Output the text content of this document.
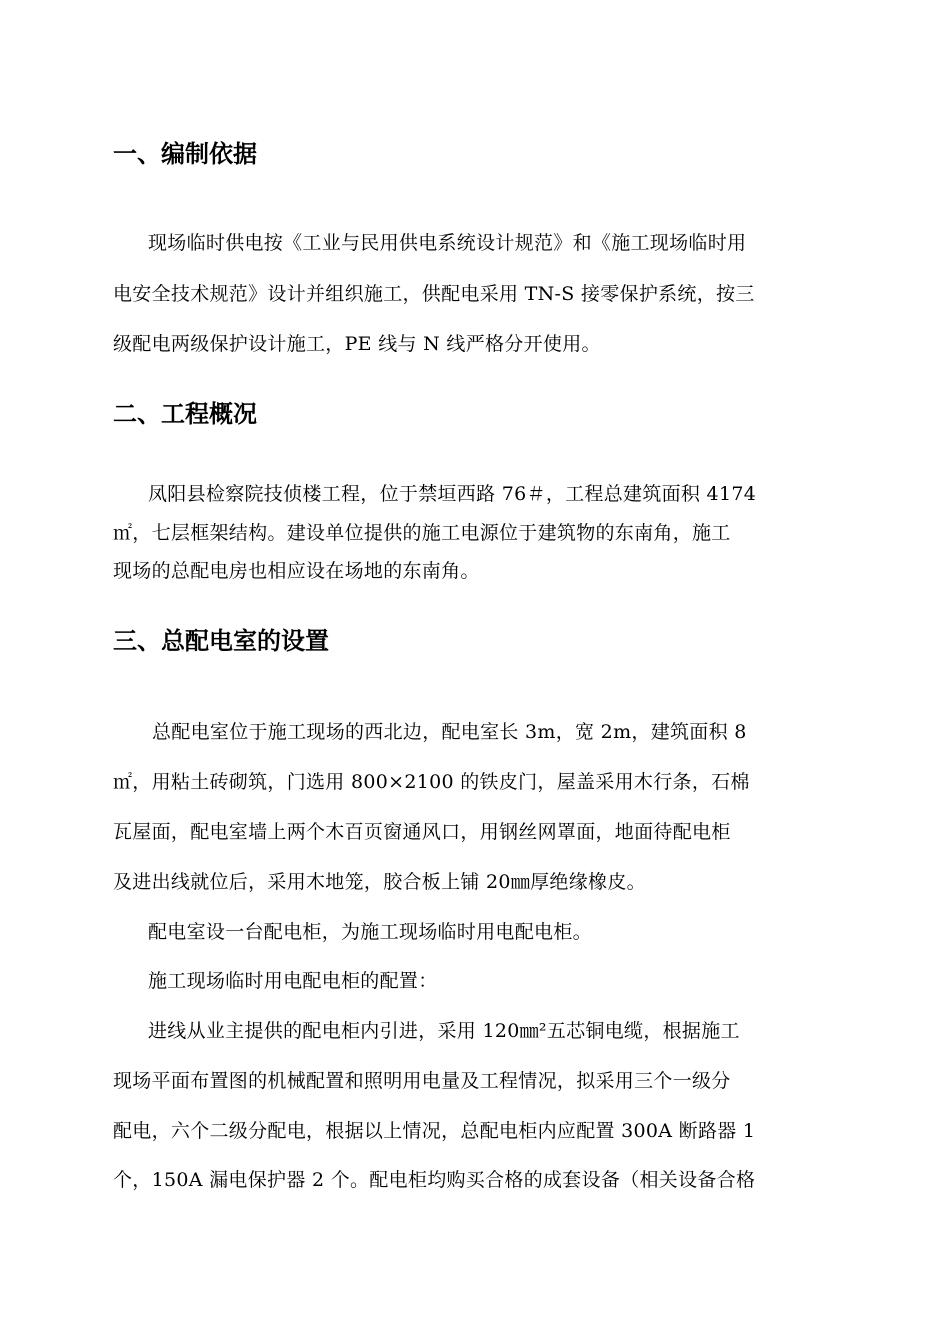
一、编制依据
现场临时供电按《工业与民用供电系统设计规范》和《施工现场临时用
电安全技术规范》设计并组织施工，供配电采用 TN-S 接零保护系统，按三
级配电两级保护设计施工，PE 线与 N 线严格分开使用。
二、工程概况
凤阳县检察院技侦楼工程，位于禁垣西路 76＃，工程总建筑面积 4174
㎡，七层框架结构。建设单位提供的施工电源位于建筑物的东南角，施工
现场的总配电房也相应设在场地的东南角。
三、总配电室的设置
总配电室位于施工现场的西北边，配电室长 3m，宽 2m，建筑面积 8
㎡，用粘土砖砌筑，门选用 800×2100 的铁皮门，屋盖采用木行条，石棉
瓦屋面，配电室墙上两个木百页窗通风口，用钢丝网罩面，地面待配电柜
及进出线就位后，采用木地笼，胶合板上铺 20㎜厚绝缘橡皮。
配电室设一台配电柜，为施工现场临时用电配电柜。
施工现场临时用电配电柜的配置：
进线从业主提供的配电柜内引进，采用 120㎜²五芯铜电缆，根据施工
现场平面布置图的机械配置和照明用电量及工程情况，拟采用三个一级分
配电，六个二级分配电，根据以上情况，总配电柜内应配置 300A 断路器 1
个，150A 漏电保护器 2 个。配电柜均购买合格的成套设备（相关设备合格
